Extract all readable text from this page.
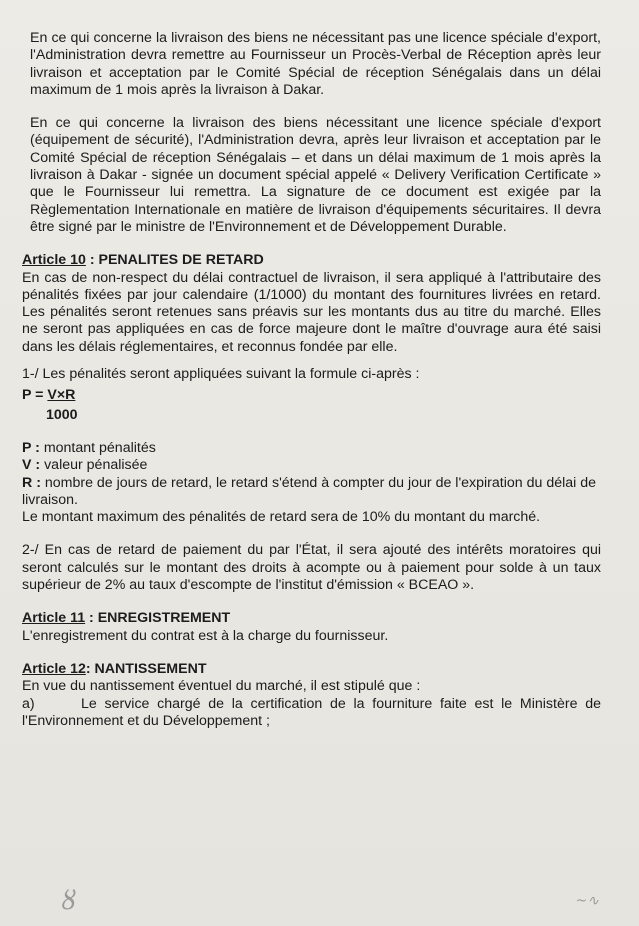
En ce qui concerne la livraison des biens ne nécessitant pas une licence spéciale d'export, l'Administration devra remettre au Fournisseur un Procès-Verbal de Réception après leur livraison et acceptation par le Comité Spécial de réception Sénégalais dans un délai maximum de 1 mois après la livraison à Dakar.

En ce qui concerne la livraison des biens nécessitant une licence spéciale d'export (équipement de sécurité), l'Administration devra, après leur livraison et acceptation par le Comité Spécial de réception Sénégalais – et dans un délai maximum de 1 mois après la livraison à Dakar - signée un document spécial appelé « Delivery Verification Certificate » que le Fournisseur lui remettra. La signature de ce document est exigée par la Règlementation Internationale en matière de livraison d'équipements sécuritaires. Il devra être signé par le ministre de l'Environnement et de Développement Durable.

Article 10 : PENALITES DE RETARD

En cas de non-respect du délai contractuel de livraison, il sera appliqué à l'attributaire des pénalités fixées par jour calendaire (1/1000) du montant des fournitures livrées en retard. Les pénalités seront retenues sans préavis sur les montants dus au titre du marché. Elles ne seront pas appliquées en cas de force majeure dont le maître d'ouvrage aura été saisi dans les délais réglementaires, et reconnus fondée par elle.

1-/ Les pénalités seront appliquées suivant la formule ci-après :

P = V×R
1000

P : montant pénalités

V : valeur pénalisée

R : nombre de jours de retard, le retard s'étend à compter du jour de l'expiration du délai de livraison.

Le montant maximum des pénalités de retard sera de 10% du montant du marché.

2-/ En cas de retard de paiement du par l'État, il sera ajouté des intérêts moratoires qui seront calculés sur le montant des droits à acompte ou à paiement pour solde à un taux supérieur de 2% au taux d'escompte de l'institut d'émission « BCEAO ».

Article 11 : ENREGISTREMENT

L'enregistrement du contrat est à la charge du fournisseur.

Article 12: NANTISSEMENT

En vue du nantissement éventuel du marché, il est stipulé que :

a)	Le service chargé de la certification de la fourniture faite est le Ministère de l'Environnement et du Développement ;

ȣ	~∿
